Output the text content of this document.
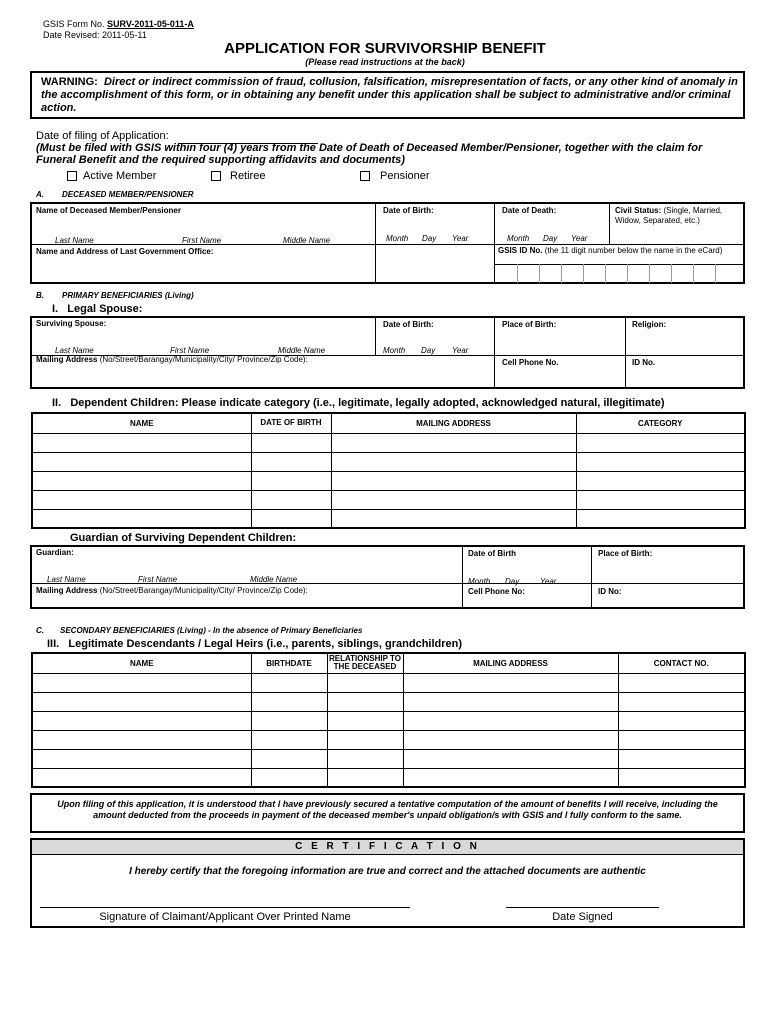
GSIS Form No. SURV-2011-05-011-A
Date Revised: 2011-05-11
APPLICATION FOR SURVIVORSHIP BENEFIT
(Please read instructions at the back)
WARNING: Direct or indirect commission of fraud, collusion, falsification, misrepresentation of facts, or any other kind of anomaly in the accomplishment of this form, or in obtaining any benefit under this application shall be subject to administrative and/or criminal action.
Date of filing of Application:
(Must be filed with GSIS within four (4) years from the Date of Death of Deceased Member/Pensioner, together with the claim for Funeral Benefit and the required supporting affidavits and documents)
Active Member	Retiree	Pensioner
A. DECEASED MEMBER/PENSIONER
Name of Deceased Member/Pensioner
Last Name	First Name	Middle Name
Date of Birth:
Month Day Year
Date of Death:
Month Day Year
Civil Status: (Single, Married, Widow, Separated, etc.)
Name and Address of Last Government Office:	GSIS ID No. (the 11 digit number below the name in the eCard)
B. PRIMARY BENEFICIARIES (Living)
I.   Legal Spouse:
Surviving Spouse:	Date of Birth:	Place of Birth:	Religion:
Last Name	First Name	Middle Name	Month Day Year
Mailing Address (No/Street/Barangay/Municipality/City/ Province/Zip Code):	Cell Phone No.	ID No.
II.   Dependent Children: Please indicate category (i.e., legitimate, legally adopted, acknowledged natural, illegitimate)
NAME	DATE OF BIRTH	MAILING ADDRESS	CATEGORY

Guardian of Surviving Dependent Children:
Guardian:	Date of Birth	Place of Birth:
Last Name	First Name	Middle Name	Month Day	Year
Mailing Address (No/Street/Barangay/Municipality/City/ Province/Zip Code):	Cell Phone No:	ID No:
C. SECONDARY BENEFICIARIES (Living) - In the absence of Primary Beneficiaries
III.   Legitimate Descendants / Legal Heirs (i.e., parents, siblings, grandchildren)
NAME	BIRTHDATE	RELATIONSHIP TO THE DECEASED	MAILING ADDRESS	CONTACT NO.

Upon filing of this application, it is understood that I have previously secured a tentative computation of the amount of benefits I will receive, including the amount deducted from the proceeds in payment of the deceased member's unpaid obligation/s with GSIS and I fully conform to the same.
C E R T I F I C A T I O N
I hereby certify that the foregoing information are true and correct and the attached documents are authentic
Signature of Claimant/Applicant Over Printed Name	Date Signed
